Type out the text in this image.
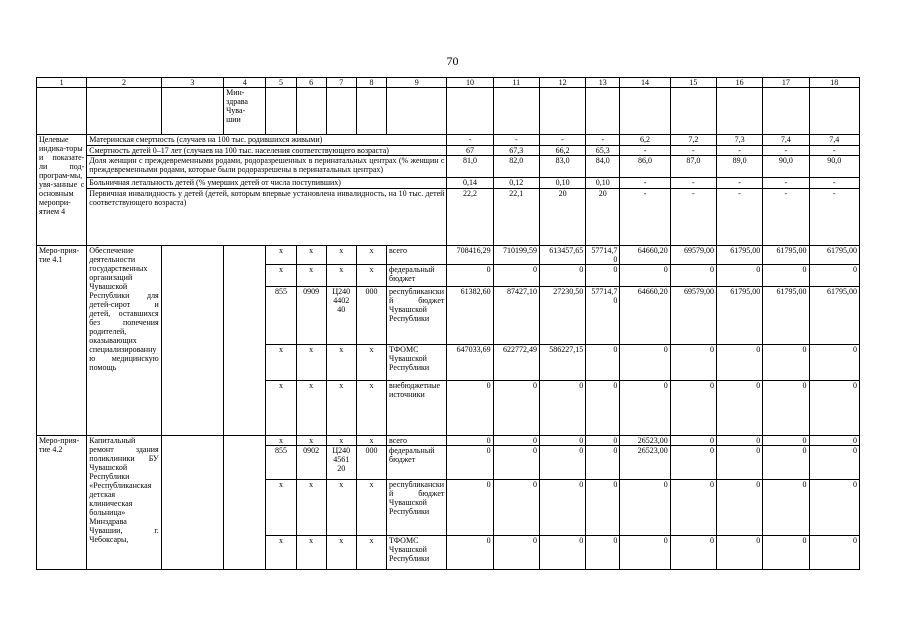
70
1	2	3	4	5	6	7	8	9	10	11	12	13	14	15	16	17	18
			Мин-
здрава
Чува-
шии														
Целевые индика-торы и показате-ли под-програм-мы, увя-занные с основным меропри-ятием 4	Материнская смертность (случаев на 100 тыс. родившихся живыми)								-	-	-	-	6,2	7,2	7,3	7,4	7,4
	Смертность детей 0–17 лет (случаев на 100 тыс. населения соответствующего возраста)								67	67,3	66,2	65,3	-	-	-	-	-
	Доля женщин с преждевременными родами, родоразрешенных в перинатальных центрах (% женщин с преждевременными родами, которые были родоразрешены в перинатальных центрах)								81,0	82,0	83,0	84,0	86,0	87,0	89,0	90,0	90,0
	Больничная летальность детей (% умерших детей от числа поступивших)								0,14	0,12	0,10	0,10	-	-	-	-	-
	Первичная инвалидность у детей (детей, которым впервые установлена инвалидность, на 10 тыс. детей соответствующего возраста)								22,2	22,1	20	20	-	-	-	-	-
Меро-прия-тие 4.1	Обеспечение деятельности государственных организаций Чувашской Республики для детей-сирот и детей, оставшихся без попечения родителей, оказывающих специализированную медицинскую помощь			x	x	x	x	всего	708416,29	710199,59	613457,65	57714,70	64660,20	69579,00	61795,00	61795,00	61795,00
				x	x	x	x	федеральный бюджет	0	0	0	0	0	0	0	0	0
				855	0909	Ц240
4402
40	000	республиканский бюджет Чувашской Республики	61382,60	87427,10	27230,50	57714,70	64660,20	69579,00	61795,00	61795,00	61795,00
				x	x	x	x	ТФОМС Чувашской Республики	647033,69	622772,49	586227,15	0	0	0	0	0	0
				x	x	x	x	внебюджетные источники	0	0	0	0	0	0	0	0	0
Меро-прия-тие 4.2	Капитальный ремонт здания поликлиники БУ Чувашской Республики «Республиканская детская клиническая больница» Минздрава Чувашии, г. Чебоксары,			x	x	x	x	всего	0	0	0	0	26523,00	0	0	0	0
				855	0902	Ц240
4561
20	000	федеральный бюджет	0	0	0	0	26523,00	0	0	0	0
				x	x	x	x	республиканский бюджет Чувашской Республики	0	0	0	0	0	0	0	0	0
				x	x	x	x	ТФОМС Чувашской Республики	0	0	0	0	0	0	0	0	0
